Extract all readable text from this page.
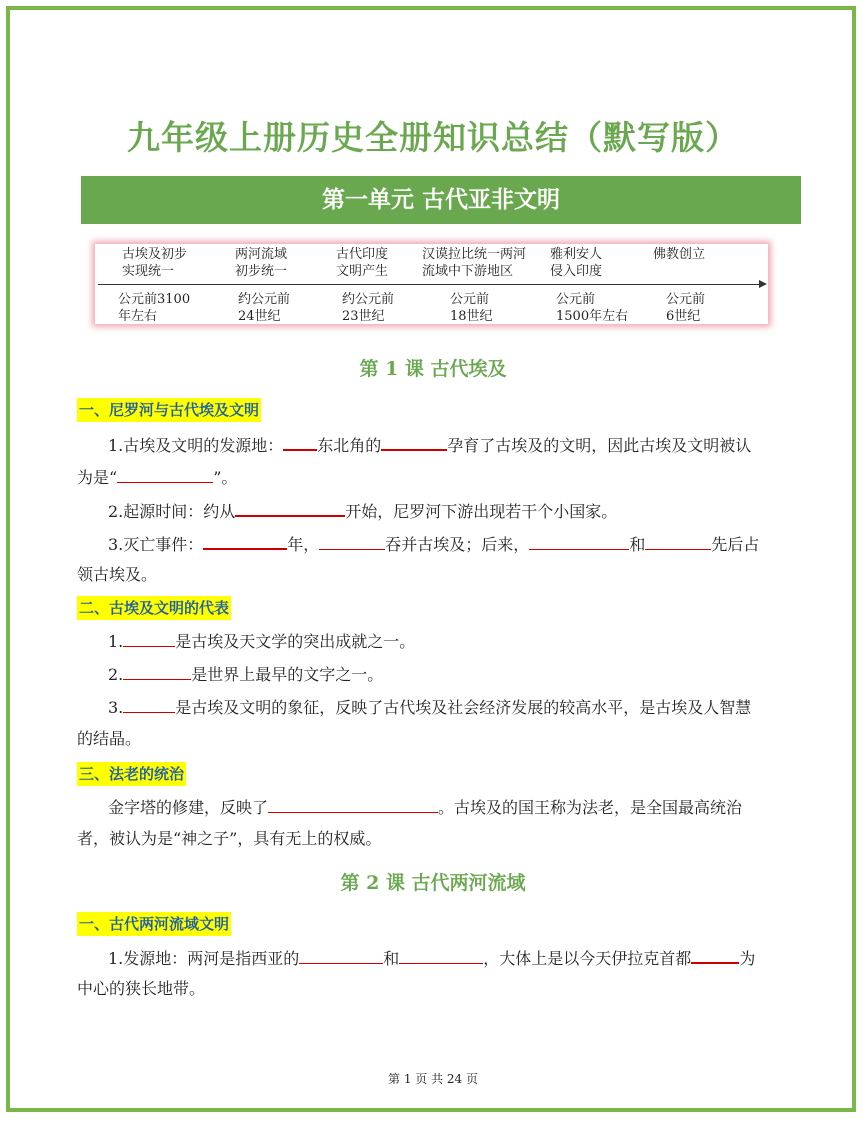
九年级上册历史全册知识总结（默写版）
第一单元 古代亚非文明
古埃及初步
实现统一
公元前3100
年左右
两河流域
初步统一
约公元前
24世纪
古代印度
文明产生
约公元前
23世纪
汉谟拉比统一两河
流域中下游地区
公元前
18世纪
雅利安人
侵入印度
公元前
1500年左右
佛教创立
公元前
6世纪
第 1 课 古代埃及
一、尼罗河与古代埃及文明
1.古埃及文明的发源地： 东北角的	孕育了古埃及的文明，因此古埃及文明被认
为是“	”。
2.起源时间：约从	开始，尼罗河下游出现若干个小国家。
3.灭亡事件：	年，	吞并古埃及；后来，	和	先后占
领古埃及。
二、古埃及文明的代表
1.	是古埃及天文学的突出成就之一。
2.	是世界上最早的文字之一。
3.	是古埃及文明的象征，反映了古代埃及社会经济发展的较高水平，是古埃及人智慧
的结晶。
三、法老的统治
金字塔的修建，反映了	。古埃及的国王称为法老，是全国最高统治
者，被认为是“神之子”，具有无上的权威。
第 2 课 古代两河流域
一、古代两河流域文明
1.发源地：两河是指西亚的	和	，大体上是以今天伊拉克首都	为
中心的狭长地带。
第 1 页 共 24 页
